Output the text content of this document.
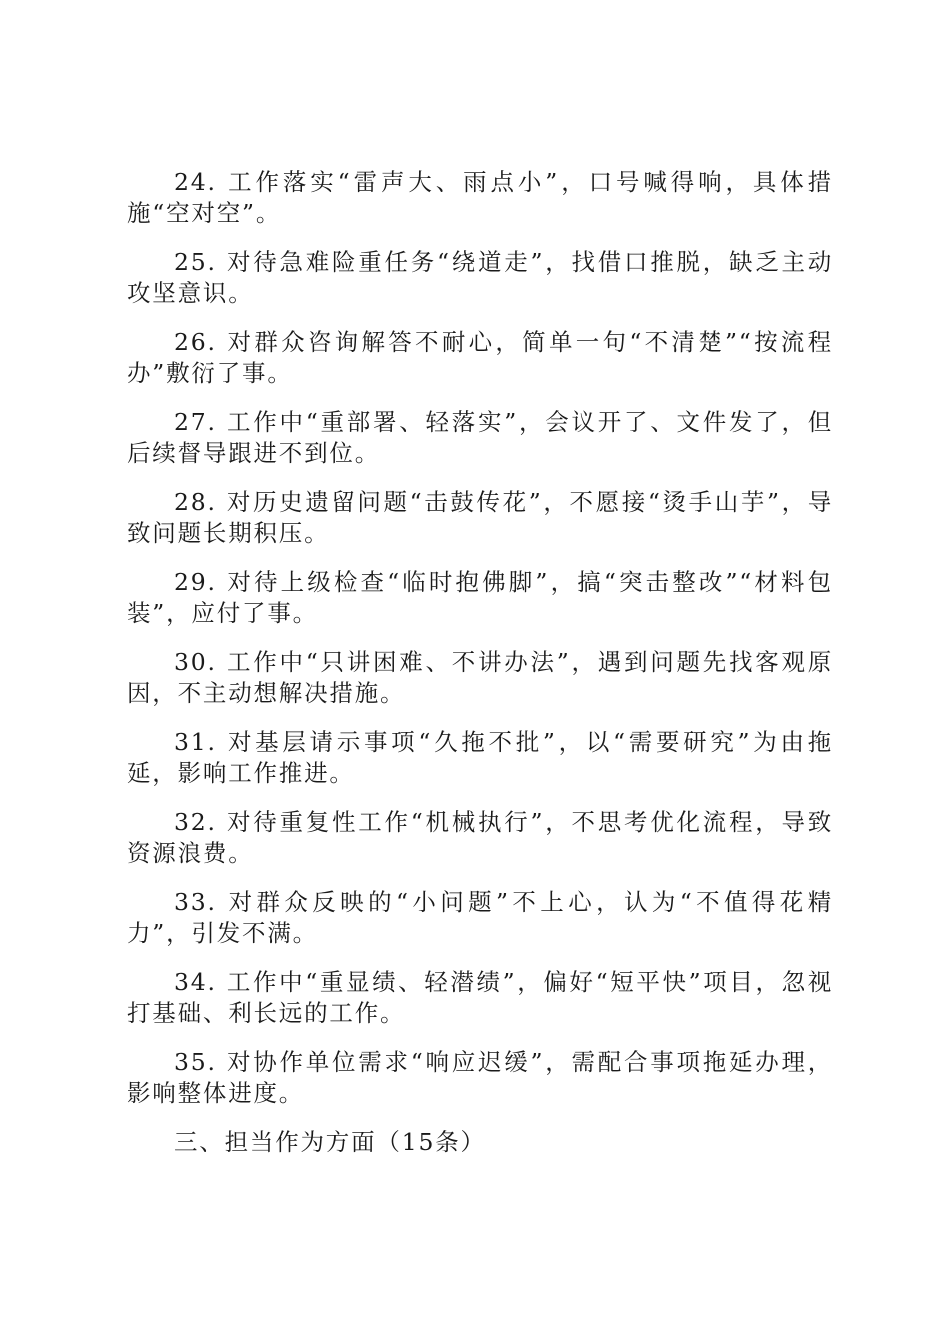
24. 工作落实“雷声大、雨点小”，口号喊得响，具体措施“空对空”。

25. 对待急难险重任务“绕道走”，找借口推脱，缺乏主动攻坚意识。

26. 对群众咨询解答不耐心，简单一句“不清楚”“按流程办”敷衍了事。

27. 工作中“重部署、轻落实”，会议开了、文件发了，但后续督导跟进不到位。

28. 对历史遗留问题“击鼓传花”，不愿接“烫手山芋”，导致问题长期积压。

29. 对待上级检查“临时抱佛脚”，搞“突击整改”“材料包装”，应付了事。

30. 工作中“只讲困难、不讲办法”，遇到问题先找客观原因，不主动想解决措施。

31. 对基层请示事项“久拖不批”，以“需要研究”为由拖延，影响工作推进。

32. 对待重复性工作“机械执行”，不思考优化流程，导致资源浪费。

33. 对群众反映的“小问题”不上心，认为“不值得花精力”，引发不满。

34. 工作中“重显绩、轻潜绩”，偏好“短平快”项目，忽视打基础、利长远的工作。

35. 对协作单位需求“响应迟缓”，需配合事项拖延办理，影响整体进度。

三、担当作为方面（15条）
